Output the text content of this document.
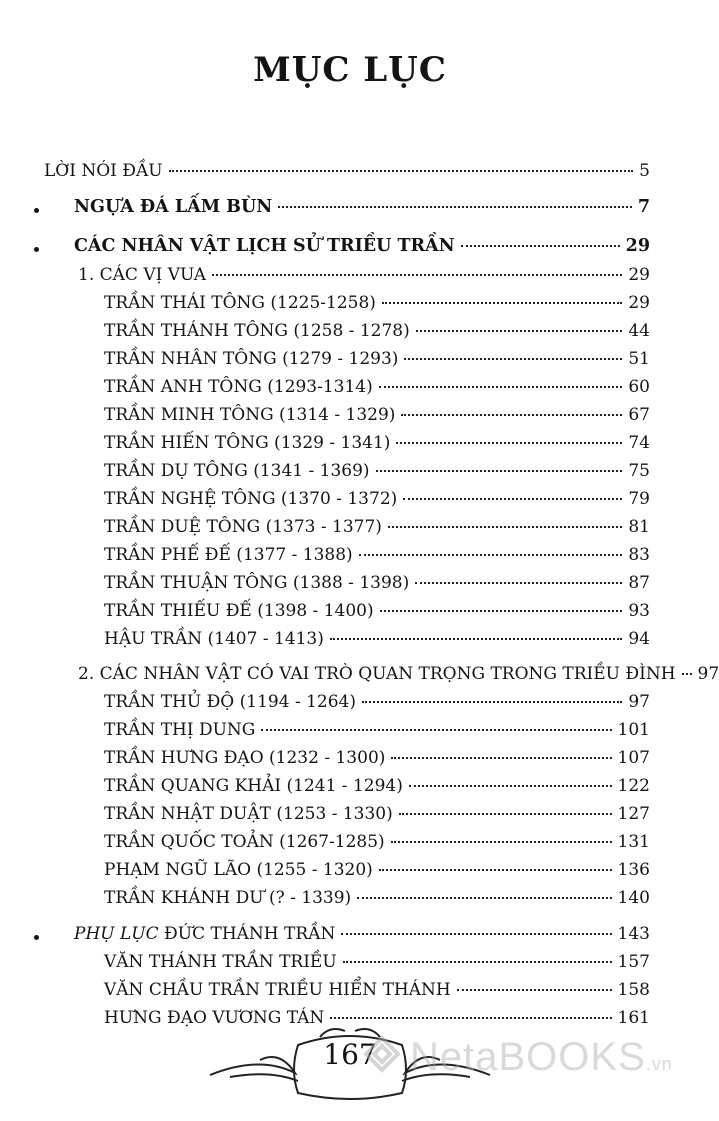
MỤC LỤC
LỜI NÓI ĐẦU	5
NGỰA ĐÁ LẤM BÙN	7
CÁC NHÂN VẬT LỊCH SỬ TRIỀU TRẦN	29
1. CÁC VỊ VUA	29
TRẦN THÁI TÔNG (1225-1258)	29
TRẦN THÁNH TÔNG (1258 - 1278)	44
TRẦN NHÂN TÔNG (1279 - 1293)	51
TRẦN ANH TÔNG (1293-1314)	60
TRẦN MINH TÔNG (1314 - 1329)	67
TRẦN HIẾN TÔNG (1329 - 1341)	74
TRẦN DỤ TÔNG (1341 - 1369)	75
TRẦN NGHỆ TÔNG (1370 - 1372)	79
TRẦN DUỆ TÔNG (1373 - 1377)	81
TRẦN PHẾ ĐẾ (1377 - 1388)	83
TRẦN THUẬN TÔNG (1388 - 1398)	87
TRẦN THIẾU ĐẾ (1398 - 1400)	93
HẬU TRẦN (1407 - 1413)	94
2. CÁC NHÂN VẬT CÓ VAI TRÒ QUAN TRỌNG TRONG TRIỀU ĐÌNH 97
TRẦN THỦ ĐỘ (1194 - 1264)	97
TRẦN THỊ DUNG	101
TRẦN HƯNG ĐẠO (1232 - 1300)	107
TRẦN QUANG KHẢI (1241 - 1294)	122
TRẦN NHẬT DUẬT (1253 - 1330)	127
TRẦN QUỐC TOẢN (1267-1285)	131
PHẠM NGŨ LÃO (1255 - 1320)	136
TRẦN KHÁNH DƯ (? - 1339)	140
PHỤ LỤC ĐỨC THÁNH TRẦN	143
VĂN THÁNH TRẦN TRIỀU	157
VĂN CHẦU TRẦN TRIỀU HIỂN THÁNH	158
HƯNG ĐẠO VƯƠNG TÁN	161
167 NetaBOOKS.vn
